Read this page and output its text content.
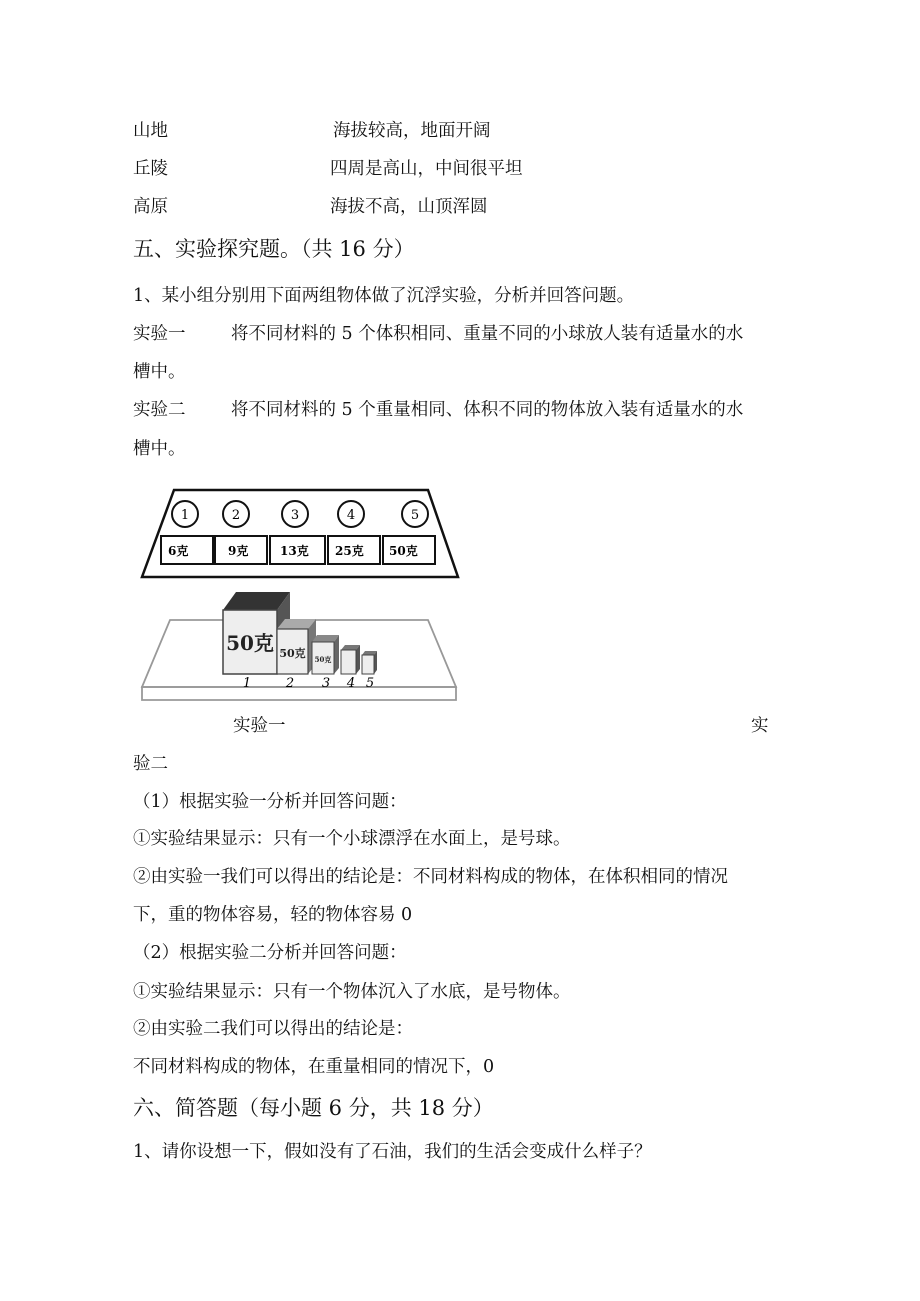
山地	海拔较高，地面开阔
丘陵	四周是高山，中间很平坦
高原	海拔不高，山顶浑圆
五、实验探究题。（共 16 分）
1、某小组分别用下面两组物体做了沉浮实验，分析并回答问题。
实验一	将不同材料的 5 个体积相同、重量不同的小球放人装有适量水的水
槽中。
实验二	将不同材料的 5 个重量相同、体积不同的物体放入装有适量水的水
槽中。
1	2	3	4	5
6克	9克	13克 25克 50克
50克 50克 50克
1	2 3 4 5
实验一	实
验二
（1）根据实验一分析并回答问题：
①实验结果显示：只有一个小球漂浮在水面上，是号球。
②由实验一我们可以得出的结论是：不同材料构成的物体，在体积相同的情况
下，重的物体容易，轻的物体容易 0
（2）根据实验二分析并回答问题：
①实验结果显示：只有一个物体沉入了水底，是号物体。
②由实验二我们可以得出的结论是：
不同材料构成的物体，在重量相同的情况下，0
六、简答题（每小题 6 分，共 18 分）
1、请你设想一下，假如没有了石油，我们的生活会变成什么样子？
